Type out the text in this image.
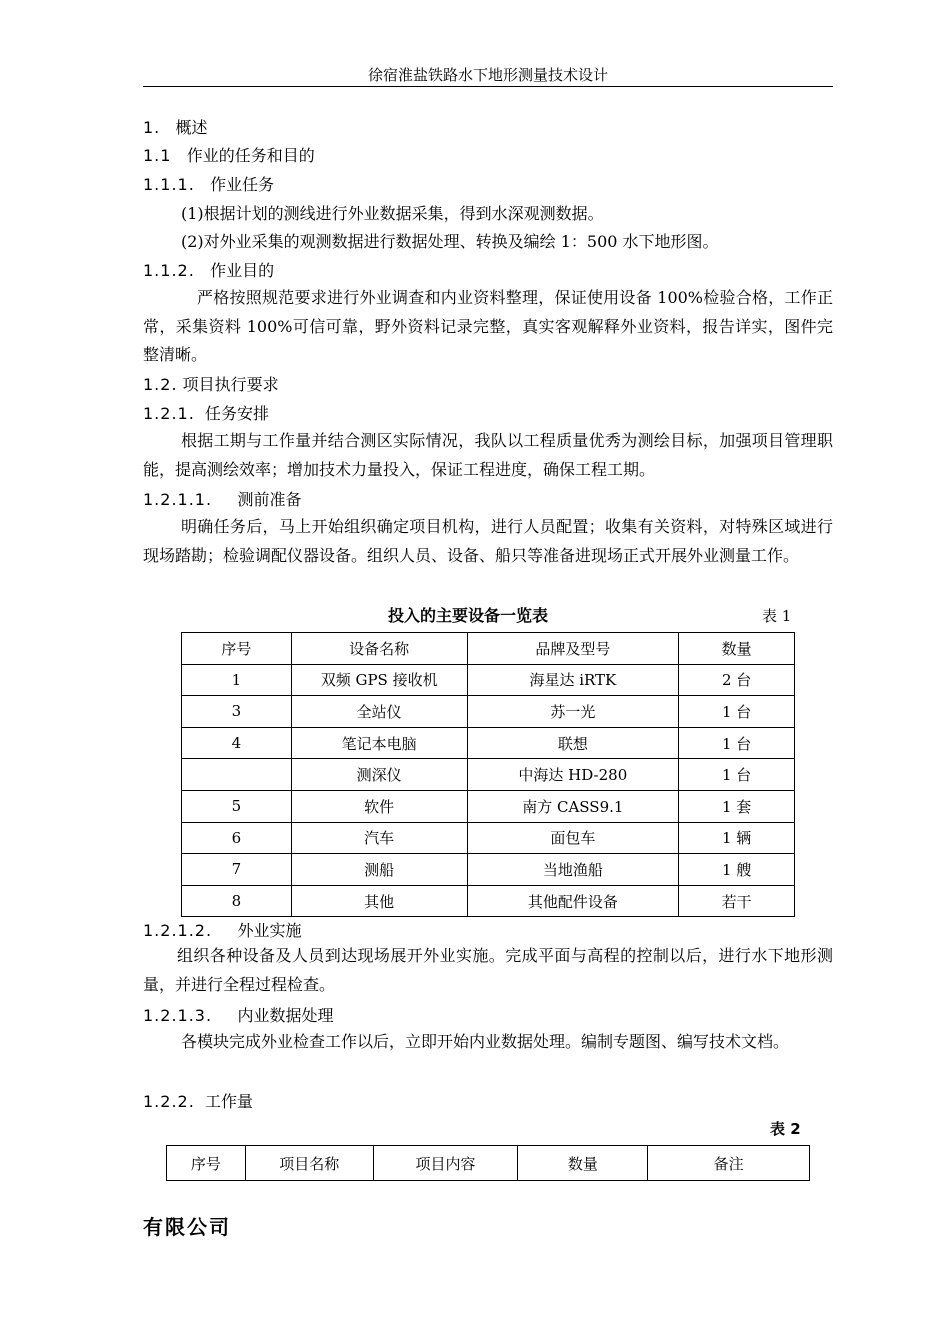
徐宿淮盐铁路水下地形测量技术设计
1. 概述
1.1 作业的任务和目的
1.1.1. 作业任务
(1)根据计划的测线进行外业数据采集，得到水深观测数据。
(2)对外业采集的观测数据进行数据处理、转换及编绘 1：500 水下地形图。
1.1.2. 作业目的
严格按照规范要求进行外业调查和内业资料整理，保证使用设备 100%检验合格，工作正常，采集资料 100%可信可靠，野外资料记录完整，真实客观解释外业资料，报告详实，图件完整清晰。
1.2. 项目执行要求
1.2.1. 任务安排
根据工期与工作量并结合测区实际情况，我队以工程质量优秀为测绘目标，加强项目管理职能，提高测绘效率；增加技术力量投入，保证工程进度，确保工程工期。
1.2.1.1. 测前准备
明确任务后，马上开始组织确定项目机构，进行人员配置；收集有关资料，对特殊区域进行现场踏勘；检验调配仪器设备。组织人员、设备、船只等准备进现场正式开展外业测量工作。
投入的主要设备一览表	表 1
序号	设备名称	品牌及型号	数量
1	双频 GPS 接收机	海星达 iRTK	2 台
3	全站仪	苏一光	1 台
4	笔记本电脑	联想	1 台
	测深仪	中海达 HD-280	1 台
5	软件	南方 CASS9.1	1 套
6	汽车	面包车	1 辆
7	测船	当地渔船	1 艘
8	其他	其他配件设备	若干
1.2.1.2. 外业实施
组织各种设备及人员到达现场展开外业实施。完成平面与高程的控制以后，进行水下地形测量，并进行全程过程检查。
1.2.1.3. 内业数据处理
各模块完成外业检查工作以后，立即开始内业数据处理。编制专题图、编写技术文档。
1.2.2. 工作量
表 2
序号	项目名称	项目内容	数量	备注
有限公司
